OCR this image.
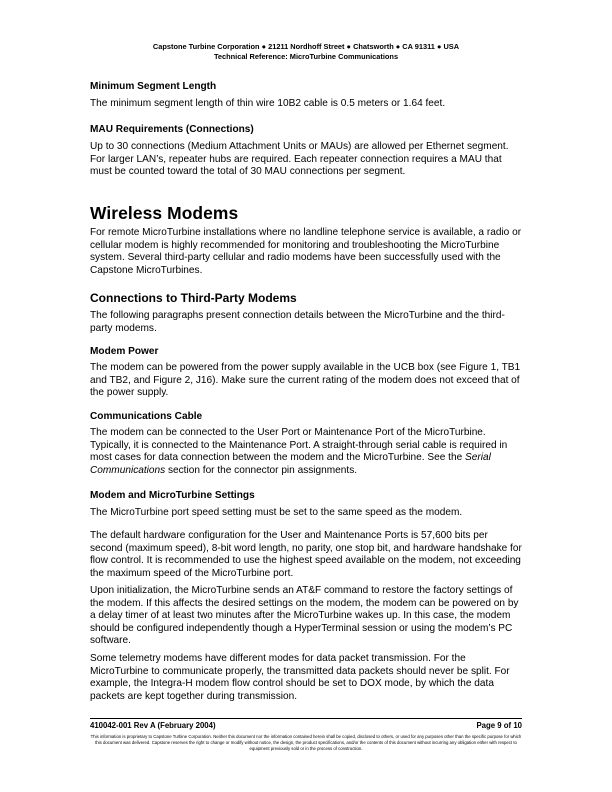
Capstone Turbine Corporation ● 21211 Nordhoff Street ● Chatsworth ● CA 91311 ● USA
Technical Reference: MicroTurbine Communications
Minimum Segment Length
The minimum segment length of thin wire 10B2 cable is 0.5 meters or 1.64 feet.
MAU Requirements (Connections)
Up to 30 connections (Medium Attachment Units or MAUs) are allowed per Ethernet segment. For larger LAN’s, repeater hubs are required. Each repeater connection requires a MAU that must be counted toward the total of 30 MAU connections per segment.
Wireless Modems
For remote MicroTurbine installations where no landline telephone service is available, a radio or cellular modem is highly recommended for monitoring and troubleshooting the MicroTurbine system. Several third-party cellular and radio modems have been successfully used with the Capstone MicroTurbines.
Connections to Third-Party Modems
The following paragraphs present connection details between the MicroTurbine and the third-party modems.
Modem Power
The modem can be powered from the power supply available in the UCB box (see Figure 1, TB1 and TB2, and Figure 2, J16). Make sure the current rating of the modem does not exceed that of the power supply.
Communications Cable
The modem can be connected to the User Port or Maintenance Port of the MicroTurbine. Typically, it is connected to the Maintenance Port. A straight-through serial cable is required in most cases for data connection between the modem and the MicroTurbine. See the Serial Communications section for the connector pin assignments.
Modem and MicroTurbine Settings
The MicroTurbine port speed setting must be set to the same speed as the modem.
The default hardware configuration for the User and Maintenance Ports is 57,600 bits per second (maximum speed), 8-bit word length, no parity, one stop bit, and hardware handshake for flow control. It is recommended to use the highest speed available on the modem, not exceeding the maximum speed of the MicroTurbine port.
Upon initialization, the MicroTurbine sends an AT&F command to restore the factory settings of the modem. If this affects the desired settings on the modem, the modem can be powered on by a delay timer of at least two minutes after the MicroTurbine wakes up. In this case, the modem should be configured independently though a HyperTerminal session or using the modem’s PC software.
Some telemetry modems have different modes for data packet transmission. For the MicroTurbine to communicate properly, the transmitted data packets should never be split. For example, the Integra-H modem flow control should be set to DOX mode, by which the data packets are kept together during transmission.
410042-001 Rev A (February 2004)	Page 9 of 10
This information is proprietary to Capstone Turbine Corporation. Neither this document nor the information contained herein shall be copied, disclosed to others, or used for any purposes other than the specific purpose for which this document was delivered. Capstone reserves the right to change or modify without notice, the design, the product specifications, and/or the contents of this document without incurring any obligation either with respect to equipment previously sold or in the process of construction.
